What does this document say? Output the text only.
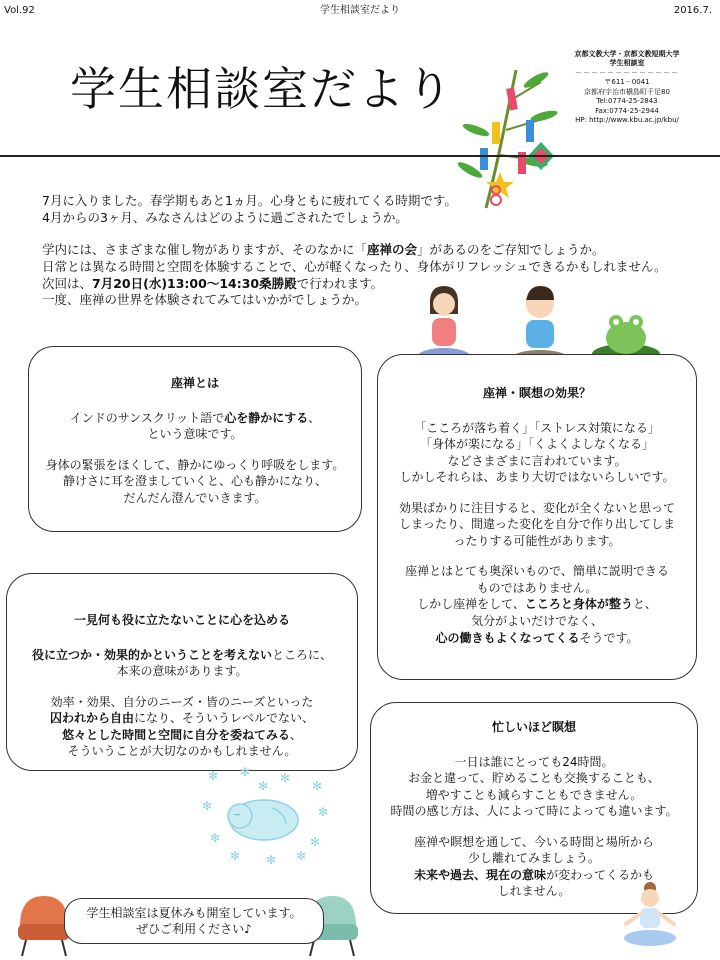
Vol.92	学生相談室だより	2016.7.
学生相談室だより
京都文教大学・京都文教短期大学
学生相談室
－－－－－－－－－－－－－
〒611－0041
京都府宇治市槇島町千足80
Tel:0774-25-2843
Fax:0774-25-2944
HP: http://www.kbu.ac.jp/kbu/

7月に入りました。春学期もあと1ヵ月。心身ともに疲れてくる時期です。

4月からの3ヶ月、みなさんはどのように過ごされたでしょうか。

学内には、さまざまな催し物がありますが、そのなかに「座禅の会」があるのをご存知でしょうか。

日常とは異なる時間と空間を体験することで、心が軽くなったり、身体がリフレッシュできるかもしれません。

次回は、7月20日(水)13:00～14:30桑勝殿で行われます。

一度、座禅の世界を体験されてみてはいかがでしょうか。

座禅とは

インドのサンスクリット語で心を静かにする、

という意味です。

身体の緊張をほくして、静かにゆっくり呼吸をします。

静けさに耳を澄ましていくと、心も静かになり、

だんだん澄んでいきます。

座禅・瞑想の効果？

「こころが落ち着く」「ストレス対策になる」

「身体が楽になる」「くよくよしなくなる」

などさまざまに言われています。

しかしそれらは、あまり大切ではないらしいです。

効果ばかりに注目すると、変化が全くないと思って

しまったり、間違った変化を自分で作り出してしま

ったりする可能性があります。

座禅とはとても奥深いもので、簡単に説明できる

ものではありません。

しかし座禅をして、こころと身体が整うと、

気分がよいだけでなく、

心の働きもよくなってくるそうです。

一見何も役に立たないことに心を込める

役に立つか・効果的かということを考えないところに、

本来の意味があります。

効率・効果、自分のニーズ・皆のニーズといった

囚われから自由になり、そういうレベルでない、

悠々とした時間と空間に自分を委ねてみる、

そういうことが大切なのかもしれません。

✻ ✻ ✻
✻
✻	✻
✻	✻
✻ ✻ ✻
✻
忙しいほど瞑想

一日は誰にとっても24時間。

お金と違って、貯めることも交換することも、

増やすことも減らすこともできません。

時間の感じ方は、人によって時によっても違います。

座禅や瞑想を通して、今いる時間と場所から

少し離れてみましょう。

未来や過去、現在の意味が変わってくるかも

しれません。

学生相談室は夏休みも開室しています。

ぜひご利用ください♪
